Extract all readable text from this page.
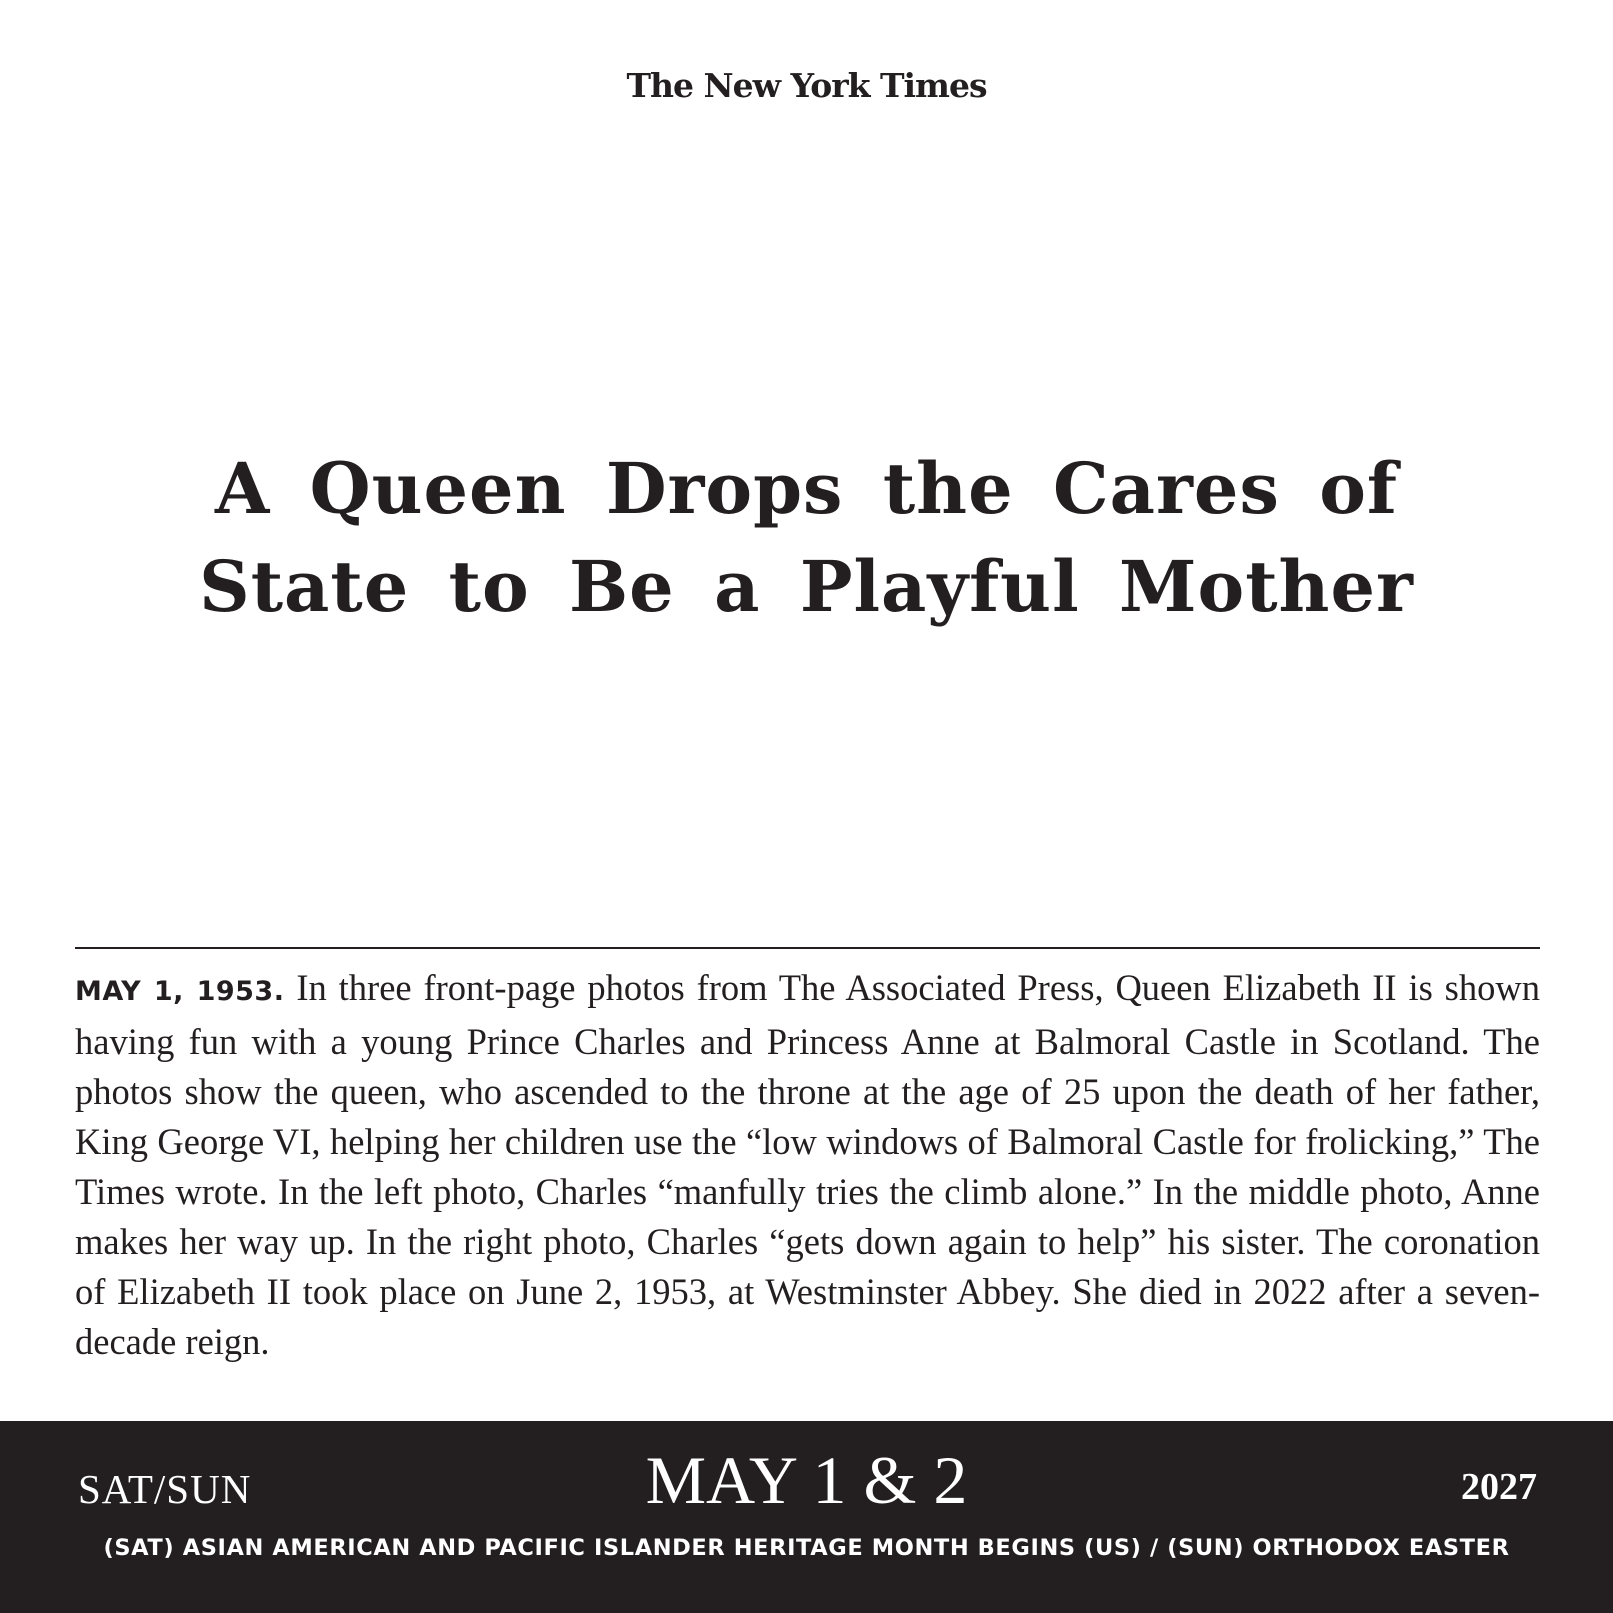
The New York Times
A Queen Drops the Cares of
State to Be a Playful Mother
MAY 1, 1953. In three front-page photos from The Associated Press, Queen Elizabeth II is shown having fun with a young Prince Charles and Princess Anne at Balmoral Castle in Scotland. The photos show the queen, who ascended to the throne at the age of 25 upon the death of her father, King George VI, helping her children use the “low windows of Balmoral Castle for frolicking,” The Times wrote. In the left photo, Charles “manfully tries the climb alone.” In the middle photo, Anne makes her way up. In the right photo, Charles “gets down again to help” his sister. The coronation of Elizabeth II took place on June 2, 1953, at Westminster Abbey. She died in 2022 after a seven-decade reign.
SAT/SUN	MAY 1 & 2	2027
(SAT) ASIAN AMERICAN AND PACIFIC ISLANDER HERITAGE MONTH BEGINS (US) / (SUN) ORTHODOX EASTER
